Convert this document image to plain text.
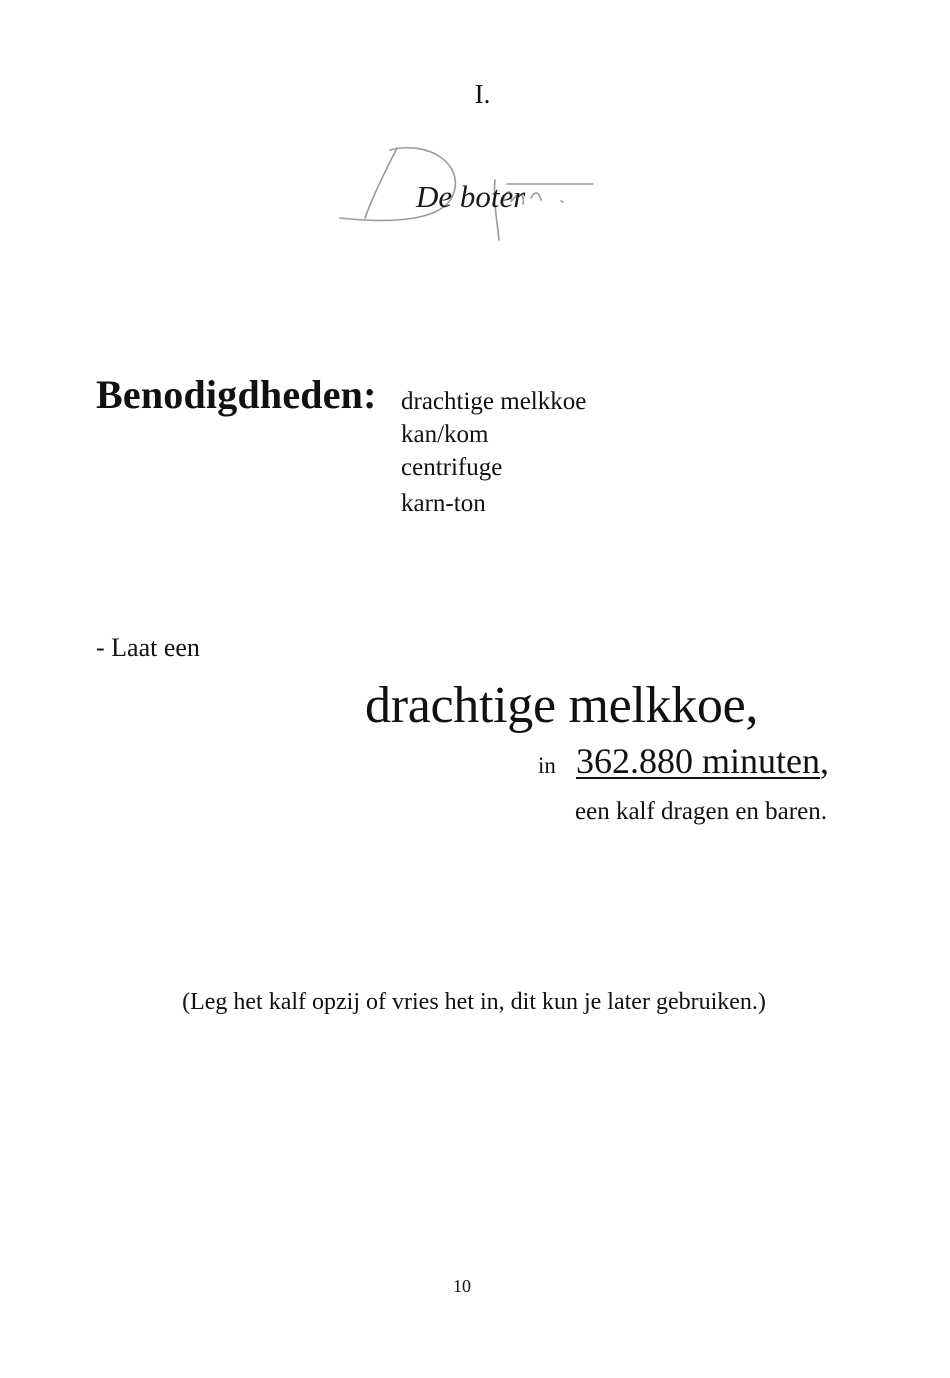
I.
De boter
Benodigdheden: drachtige melkkoe
kan/kom
centrifuge
karn-ton
- Laat een
drachtige melkkoe,
in 362.880 minuten,
een kalf dragen en baren.
(Leg het kalf opzij of vries het in, dit kun je later gebruiken.)
10
